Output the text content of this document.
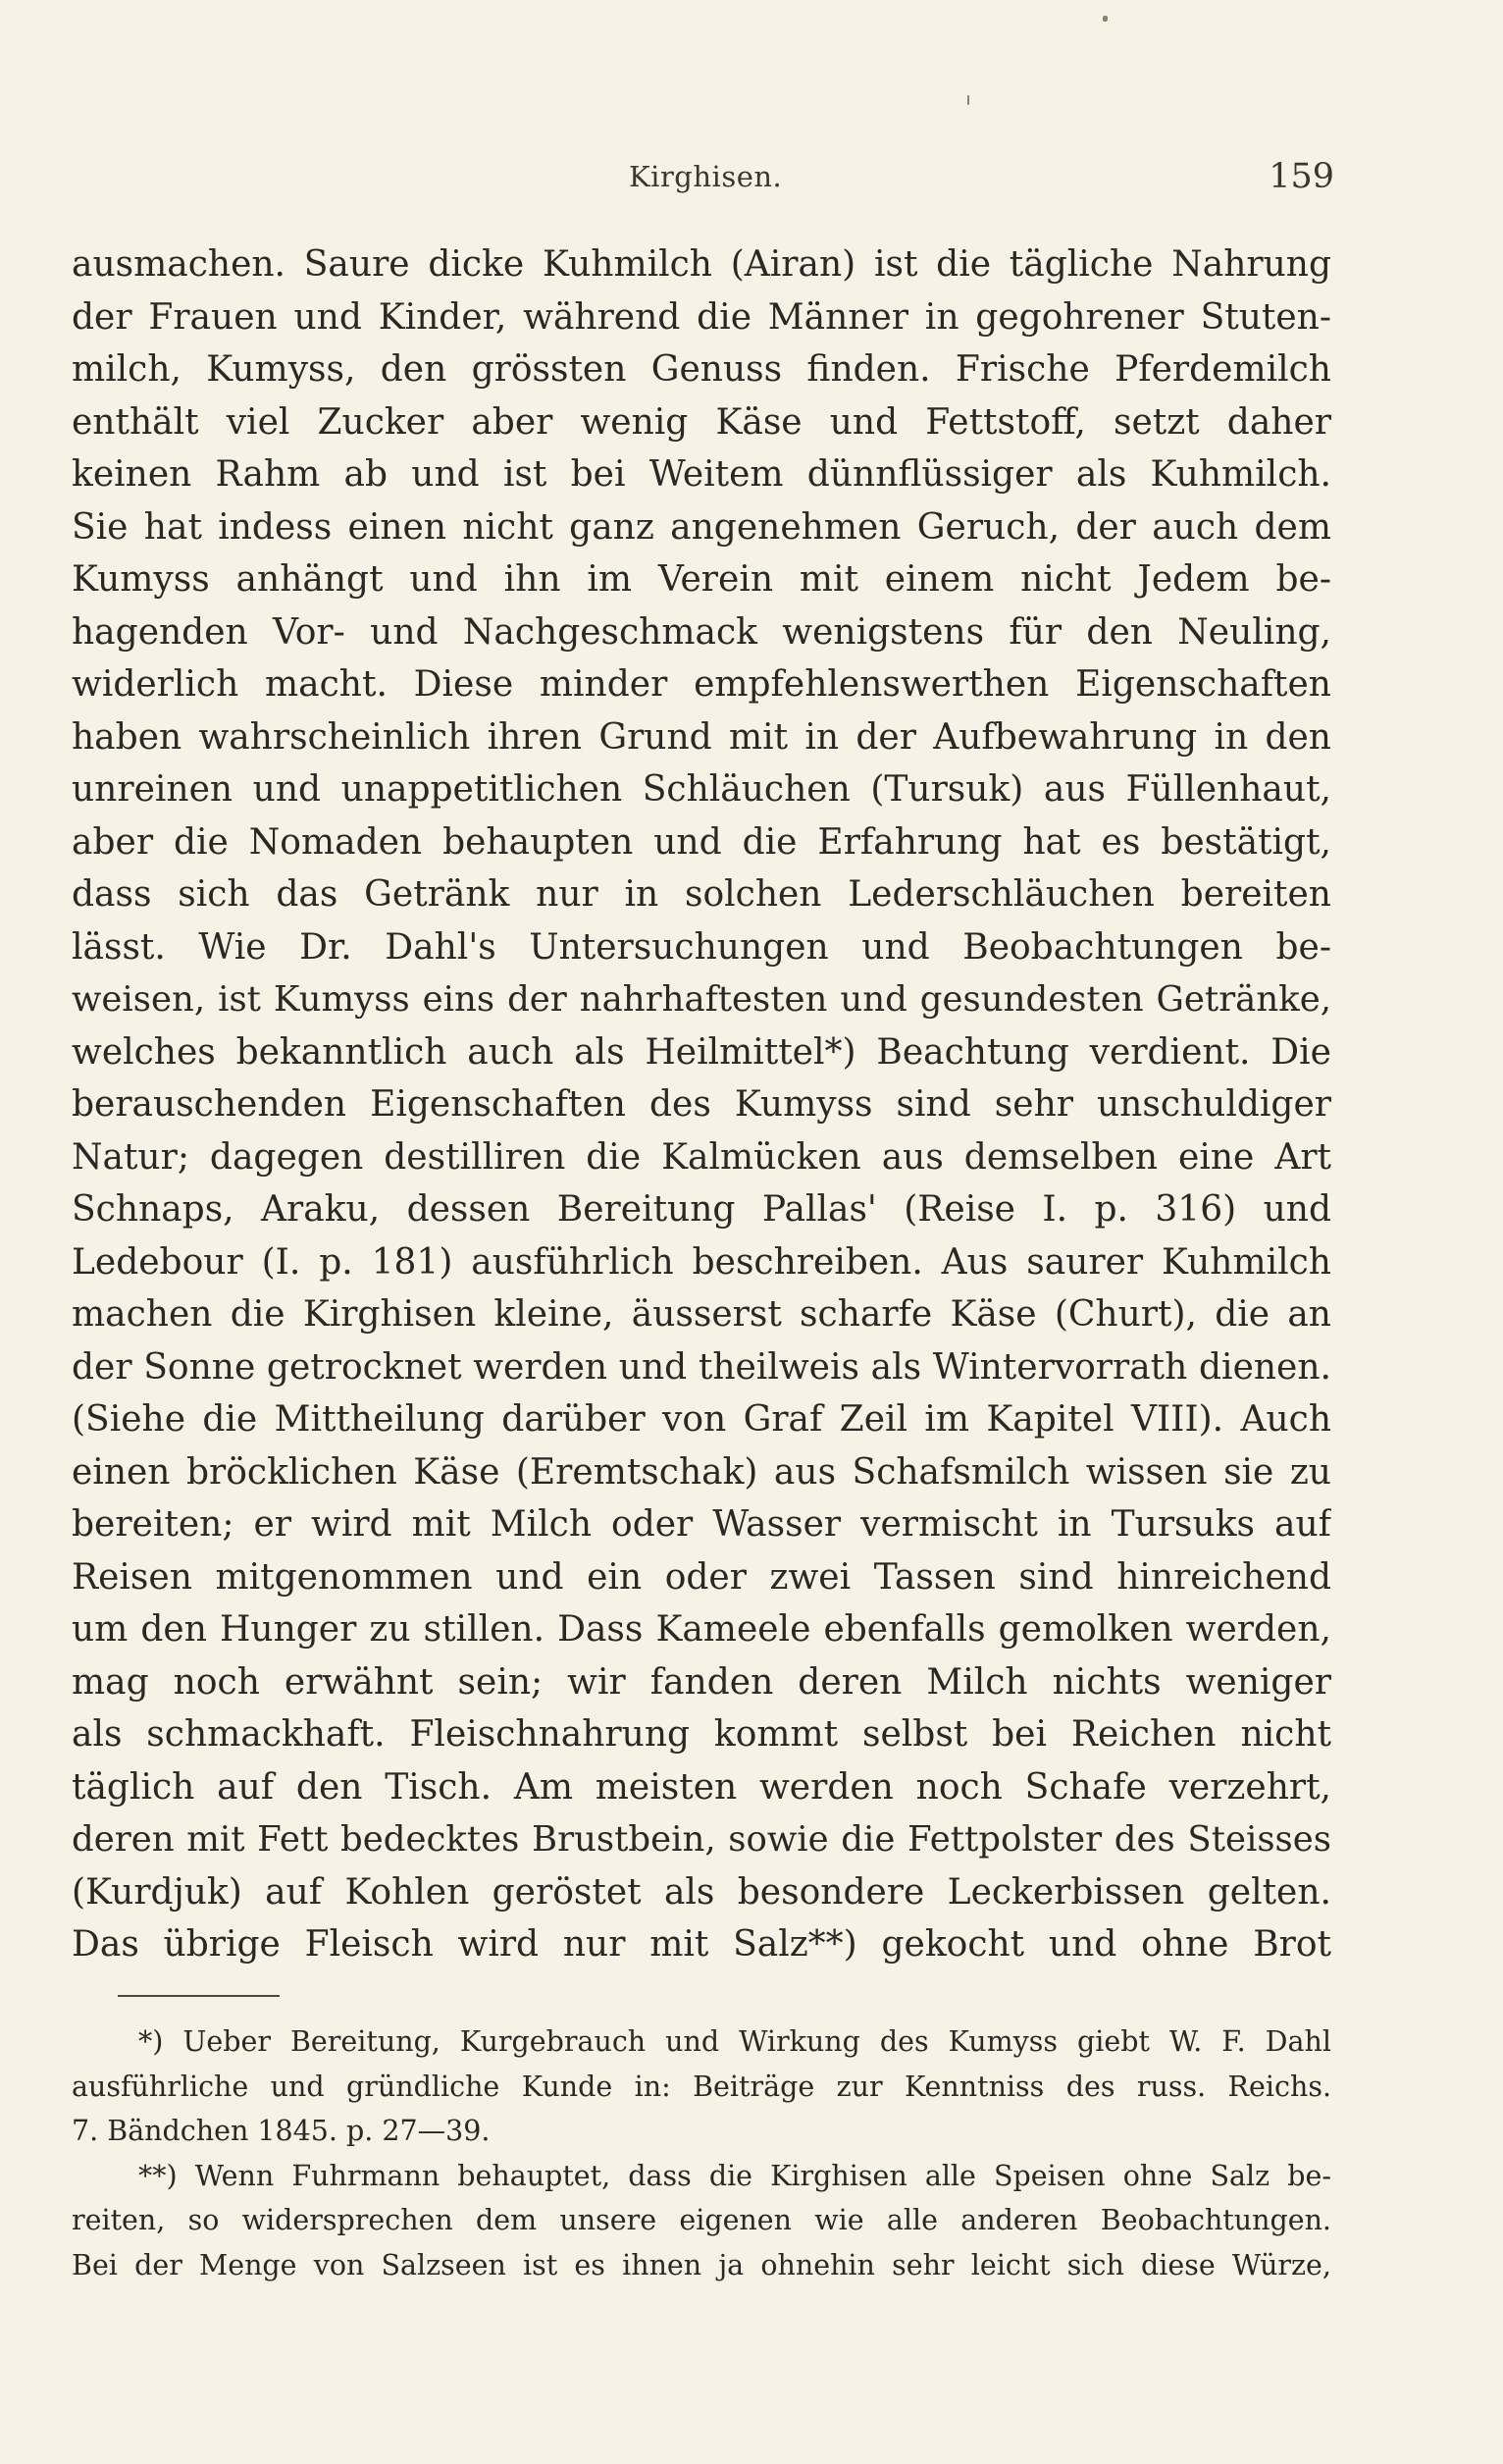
Kirghisen.	159
ausmachen. Saure dicke Kuhmilch (Airan) ist die tägliche Nahrung
der Frauen und Kinder, während die Männer in gegohrener Stuten-
milch, Kumyss, den grössten Genuss finden. Frische Pferdemilch
enthält viel Zucker aber wenig Käse und Fettstoff, setzt daher
keinen Rahm ab und ist bei Weitem dünnflüssiger als Kuhmilch.
Sie hat indess einen nicht ganz angenehmen Geruch, der auch dem
Kumyss anhängt und ihn im Verein mit einem nicht Jedem be-
hagenden Vor- und Nachgeschmack wenigstens für den Neuling,
widerlich macht. Diese minder empfehlenswerthen Eigenschaften
haben wahrscheinlich ihren Grund mit in der Aufbewahrung in den
unreinen und unappetitlichen Schläuchen (Tursuk) aus Füllenhaut,
aber die Nomaden behaupten und die Erfahrung hat es bestätigt,
dass sich das Getränk nur in solchen Lederschläuchen bereiten
lässt. Wie Dr. Dahl's Untersuchungen und Beobachtungen be-
weisen, ist Kumyss eins der nahrhaftesten und gesundesten Getränke,
welches bekanntlich auch als Heilmittel*) Beachtung verdient. Die
berauschenden Eigenschaften des Kumyss sind sehr unschuldiger
Natur; dagegen destilliren die Kalmücken aus demselben eine Art
Schnaps, Araku, dessen Bereitung Pallas' (Reise I. p. 316) und
Ledebour (I. p. 181) ausführlich beschreiben. Aus saurer Kuhmilch
machen die Kirghisen kleine, äusserst scharfe Käse (Churt), die an
der Sonne getrocknet werden und theilweis als Wintervorrath dienen.
(Siehe die Mittheilung darüber von Graf Zeil im Kapitel VIII). Auch
einen bröcklichen Käse (Eremtschak) aus Schafsmilch wissen sie zu
bereiten; er wird mit Milch oder Wasser vermischt in Tursuks auf
Reisen mitgenommen und ein oder zwei Tassen sind hinreichend
um den Hunger zu stillen. Dass Kameele ebenfalls gemolken werden,
mag noch erwähnt sein; wir fanden deren Milch nichts weniger
als schmackhaft. Fleischnahrung kommt selbst bei Reichen nicht
täglich auf den Tisch. Am meisten werden noch Schafe verzehrt,
deren mit Fett bedecktes Brustbein, sowie die Fettpolster des Steisses
(Kurdjuk) auf Kohlen geröstet als besondere Leckerbissen gelten.
Das übrige Fleisch wird nur mit Salz**) gekocht und ohne Brot
*) Ueber Bereitung, Kurgebrauch und Wirkung des Kumyss giebt W. F. Dahl
ausführliche und gründliche Kunde in: Beiträge zur Kenntniss des russ. Reichs.
7. Bändchen 1845. p. 27—39.
**) Wenn Fuhrmann behauptet, dass die Kirghisen alle Speisen ohne Salz be-
reiten, so widersprechen dem unsere eigenen wie alle anderen Beobachtungen.
Bei der Menge von Salzseen ist es ihnen ja ohnehin sehr leicht sich diese Würze,
